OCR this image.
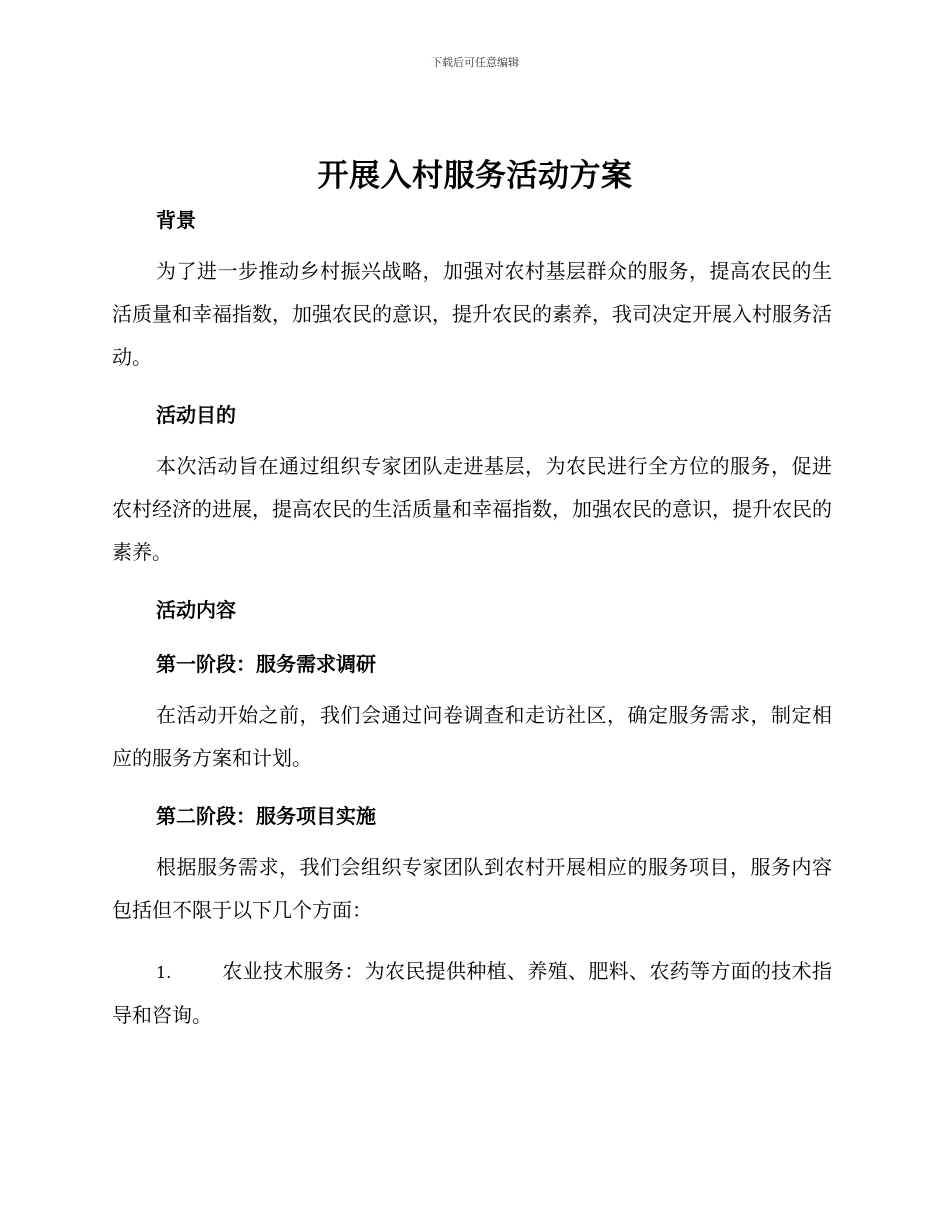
下载后可任意编辑
开展入村服务活动方案

背景

为了进一步推动乡村振兴战略，加强对农村基层群众的服务，提高农民的生活质量和幸福指数，加强农民的意识，提升农民的素养，我司决定开展入村服务活动。

活动目的

本次活动旨在通过组织专家团队走进基层，为农民进行全方位的服务，促进农村经济的进展，提高农民的生活质量和幸福指数，加强农民的意识，提升农民的素养。

活动内容

第一阶段：服务需求调研

在活动开始之前，我们会通过问卷调查和走访社区，确定服务需求，制定相应的服务方案和计划。

第二阶段：服务项目实施

根据服务需求，我们会组织专家团队到农村开展相应的服务项目，服务内容包括但不限于以下几个方面：

1.	农业技术服务：为农民提供种植、养殖、肥料、农药等方面的技术指导和咨询。
